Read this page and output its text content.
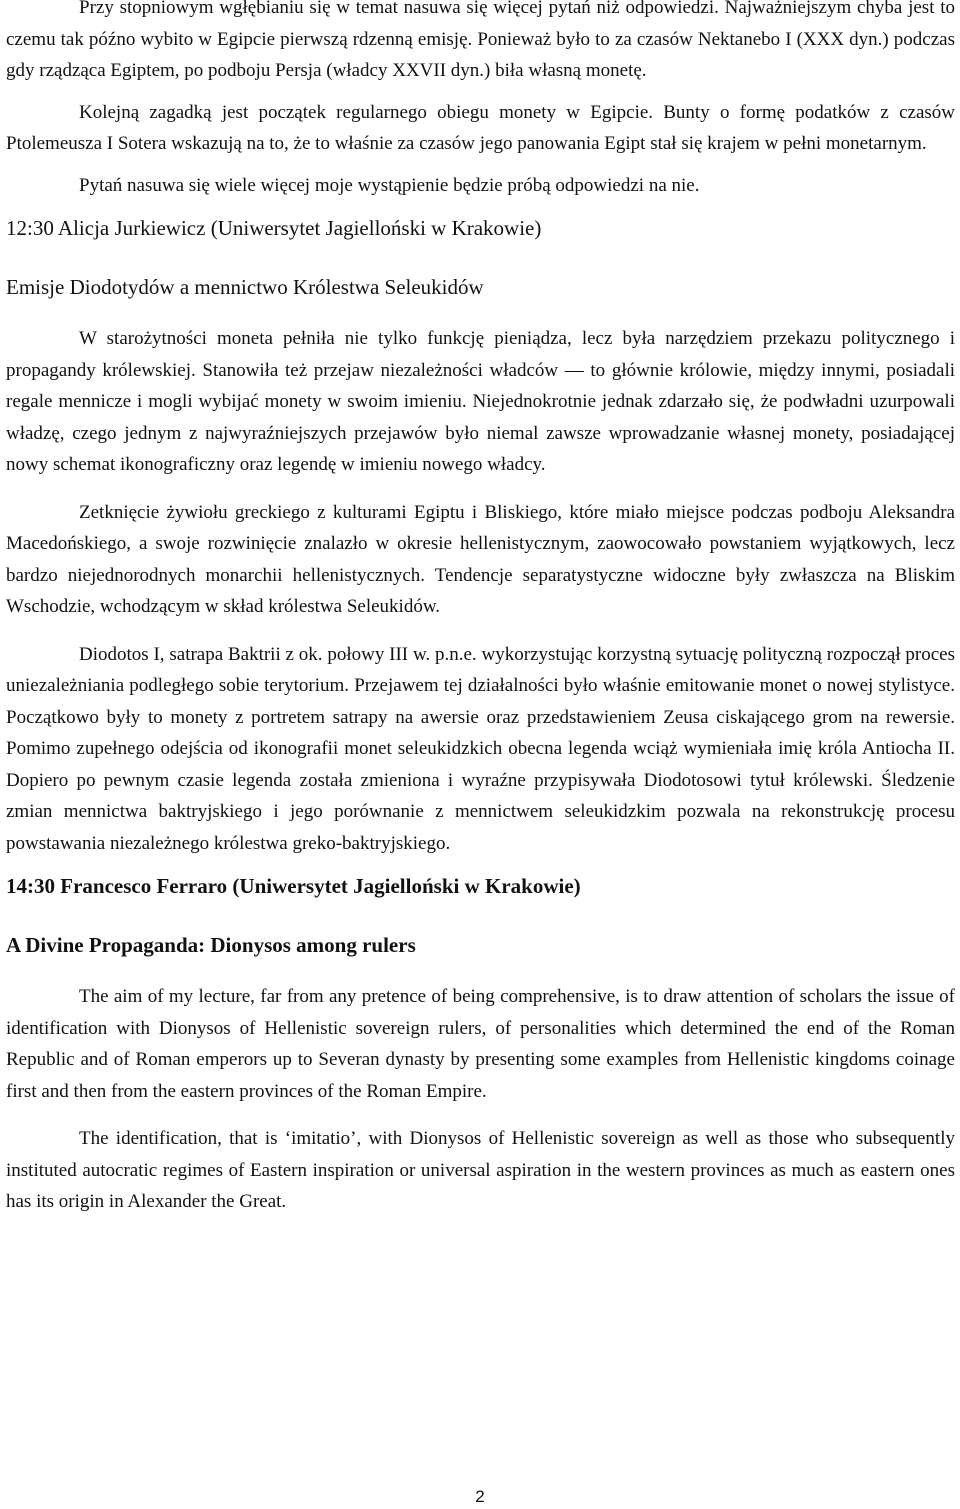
Przy stopniowym wgłębianiu się w temat nasuwa się więcej pytań niż odpowiedzi. Najważniejszym chyba jest to czemu tak późno wybito w Egipcie pierwszą rdzenną emisję. Ponieważ było to za czasów Nektanebo I (XXX dyn.) podczas gdy rządząca Egiptem, po podboju Persja (władcy XXVII dyn.) biła własną monetę.

Kolejną zagadką jest początek regularnego obiegu monety w Egipcie. Bunty o formę podatków z czasów Ptolemeusza I Sotera wskazują na to, że to właśnie za czasów jego panowania Egipt stał się krajem w pełni monetarnym.

Pytań nasuwa się wiele więcej moje wystąpienie będzie próbą odpowiedzi na nie.

12:30 Alicja Jurkiewicz (Uniwersytet Jagielloński w Krakowie)
Emisje Diodotydów a mennictwo Królestwa Seleukidów

W starożytności moneta pełniła nie tylko funkcję pieniądza, lecz była narzędziem przekazu politycznego i propagandy królewskiej. Stanowiła też przejaw niezależności władców — to głównie królowie, między innymi, posiadali regale mennicze i mogli wybijać monety w swoim imieniu. Niejednokrotnie jednak zdarzało się, że podwładni uzurpowali władzę, czego jednym z najwyraźniejszych przejawów było niemal zawsze wprowadzanie własnej monety, posiadającej nowy schemat ikonograficzny oraz legendę w imieniu nowego władcy.

Zetknięcie żywiołu greckiego z kulturami Egiptu i Bliskiego, które miało miejsce podczas podboju Aleksandra Macedońskiego, a swoje rozwinięcie znalazło w okresie hellenistycznym, zaowocowało powstaniem wyjątkowych, lecz bardzo niejednorodnych monarchii hellenistycznych. Tendencje separatystyczne widoczne były zwłaszcza na Bliskim Wschodzie, wchodzącym w skład królestwa Seleukidów.

Diodotos I, satrapa Baktrii z ok. połowy III w. p.n.e. wykorzystując korzystną sytuację polityczną rozpoczął proces uniezależniania podległego sobie terytorium. Przejawem tej działalności było właśnie emitowanie monet o nowej stylistyce. Początkowo były to monety z portretem satrapy na awersie oraz przedstawieniem Zeusa ciskającego grom na rewersie. Pomimo zupełnego odejścia od ikonografii monet seleukidzkich obecna legenda wciąż wymieniała imię króla Antiocha II. Dopiero po pewnym czasie legenda została zmieniona i wyraźne przypisywała Diodotosowi tytuł królewski. Śledzenie zmian mennictwa baktryjskiego i jego porównanie z mennictwem seleukidzkim pozwala na rekonstrukcję procesu powstawania niezależnego królestwa greko-baktryjskiego.

14:30 Francesco Ferraro (Uniwersytet Jagielloński w Krakowie)
A Divine Propaganda: Dionysos among rulers

The aim of my lecture, far from any pretence of being comprehensive, is to draw attention of scholars the issue of identification with Dionysos of Hellenistic sovereign rulers, of personalities which determined the end of the Roman Republic and of Roman emperors up to Severan dynasty by presenting some examples from Hellenistic kingdoms coinage first and then from the eastern provinces of the Roman Empire.

The identification, that is ‘imitatio’, with Dionysos of Hellenistic sovereign as well as those who subsequently instituted autocratic regimes of Eastern inspiration or universal aspiration in the western provinces as much as eastern ones has its origin in Alexander the Great.

2
